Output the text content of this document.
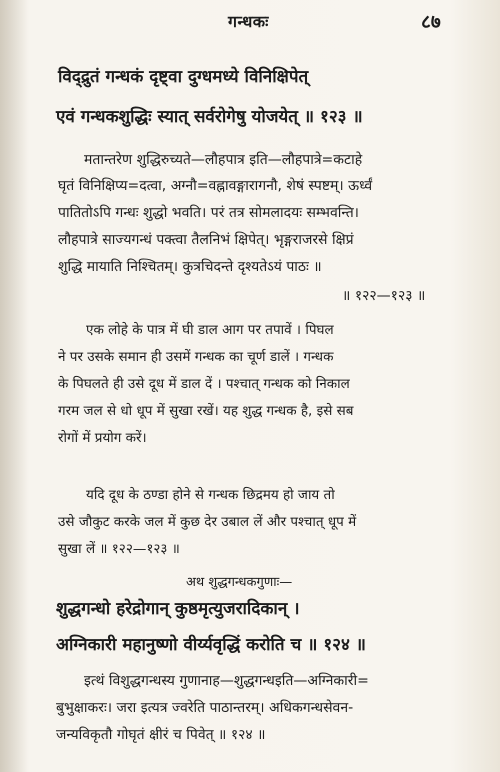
गन्धकः	८७
विद्द्रुतं गन्धकं दृष्ट्वा दुग्धमध्ये विनिक्षिपेत्
एवं गन्धकशुद्धिः स्यात् सर्वरोगेषु योजयेत् ॥ १२३ ॥
मतान्तरेण शुद्धिरुच्यते—लौहपात्र इति—लौहपात्रे=कटाहे
घृतं विनिक्षिप्य=दत्वा, अग्नौ=वह्नावङ्गारागनौ, शेषं स्पष्टम्। ऊर्ध्वं
पातितोऽपि गन्धः शुद्धो भवति। परं तत्र सोमलादयः सम्भवन्ति।
लौहपात्रे साज्यगन्धं पक्त्वा तैलनिभं क्षिपेत्। भृङ्गराजरसे क्षिप्रं
शुद्धि मायाति निश्चितम्। कुत्रचिदन्ते दृश्यतेऽयं पाठः ॥
॥ १२२—१२३ ॥
एक लोहे के पात्र में घी डाल आग पर तपावें । पिघल
ने पर उसके समान ही उसमें गन्धक का चूर्ण डालें । गन्धक
के पिघलते ही उसे दूध में डाल दें । पश्चात् गन्धक को निकाल
गरम जल से धो धूप में सुखा रखें। यह शुद्ध गन्धक है, इसे सब
रोगों में प्रयोग करें।
यदि दूध के ठण्डा होने से गन्धक छिद्रमय हो जाय तो
उसे जौकुट करके जल में कुछ देर उबाल लें और पश्चात् धूप में
सुखा लें ॥ १२२—१२३ ॥
अथ शुद्धगन्धकगुणाः—
शुद्धगन्धो हरेद्रोगान् कुष्ठमृत्युजरादिकान् ।
अग्निकारी महानुष्णो वीर्य्यवृद्धिं करोति च ॥ १२४ ॥
इत्थं विशुद्धगन्धस्य गुणानाह—शुद्धगन्धइति—अग्निकारी=
बुभुक्षाकरः। जरा इत्यत्र ज्वरेति पाठान्तरम्। अधिकगन्धसेवन-
जन्यविकृतौ गोघृतं क्षीरं च पिवेत् ॥ १२४ ॥
